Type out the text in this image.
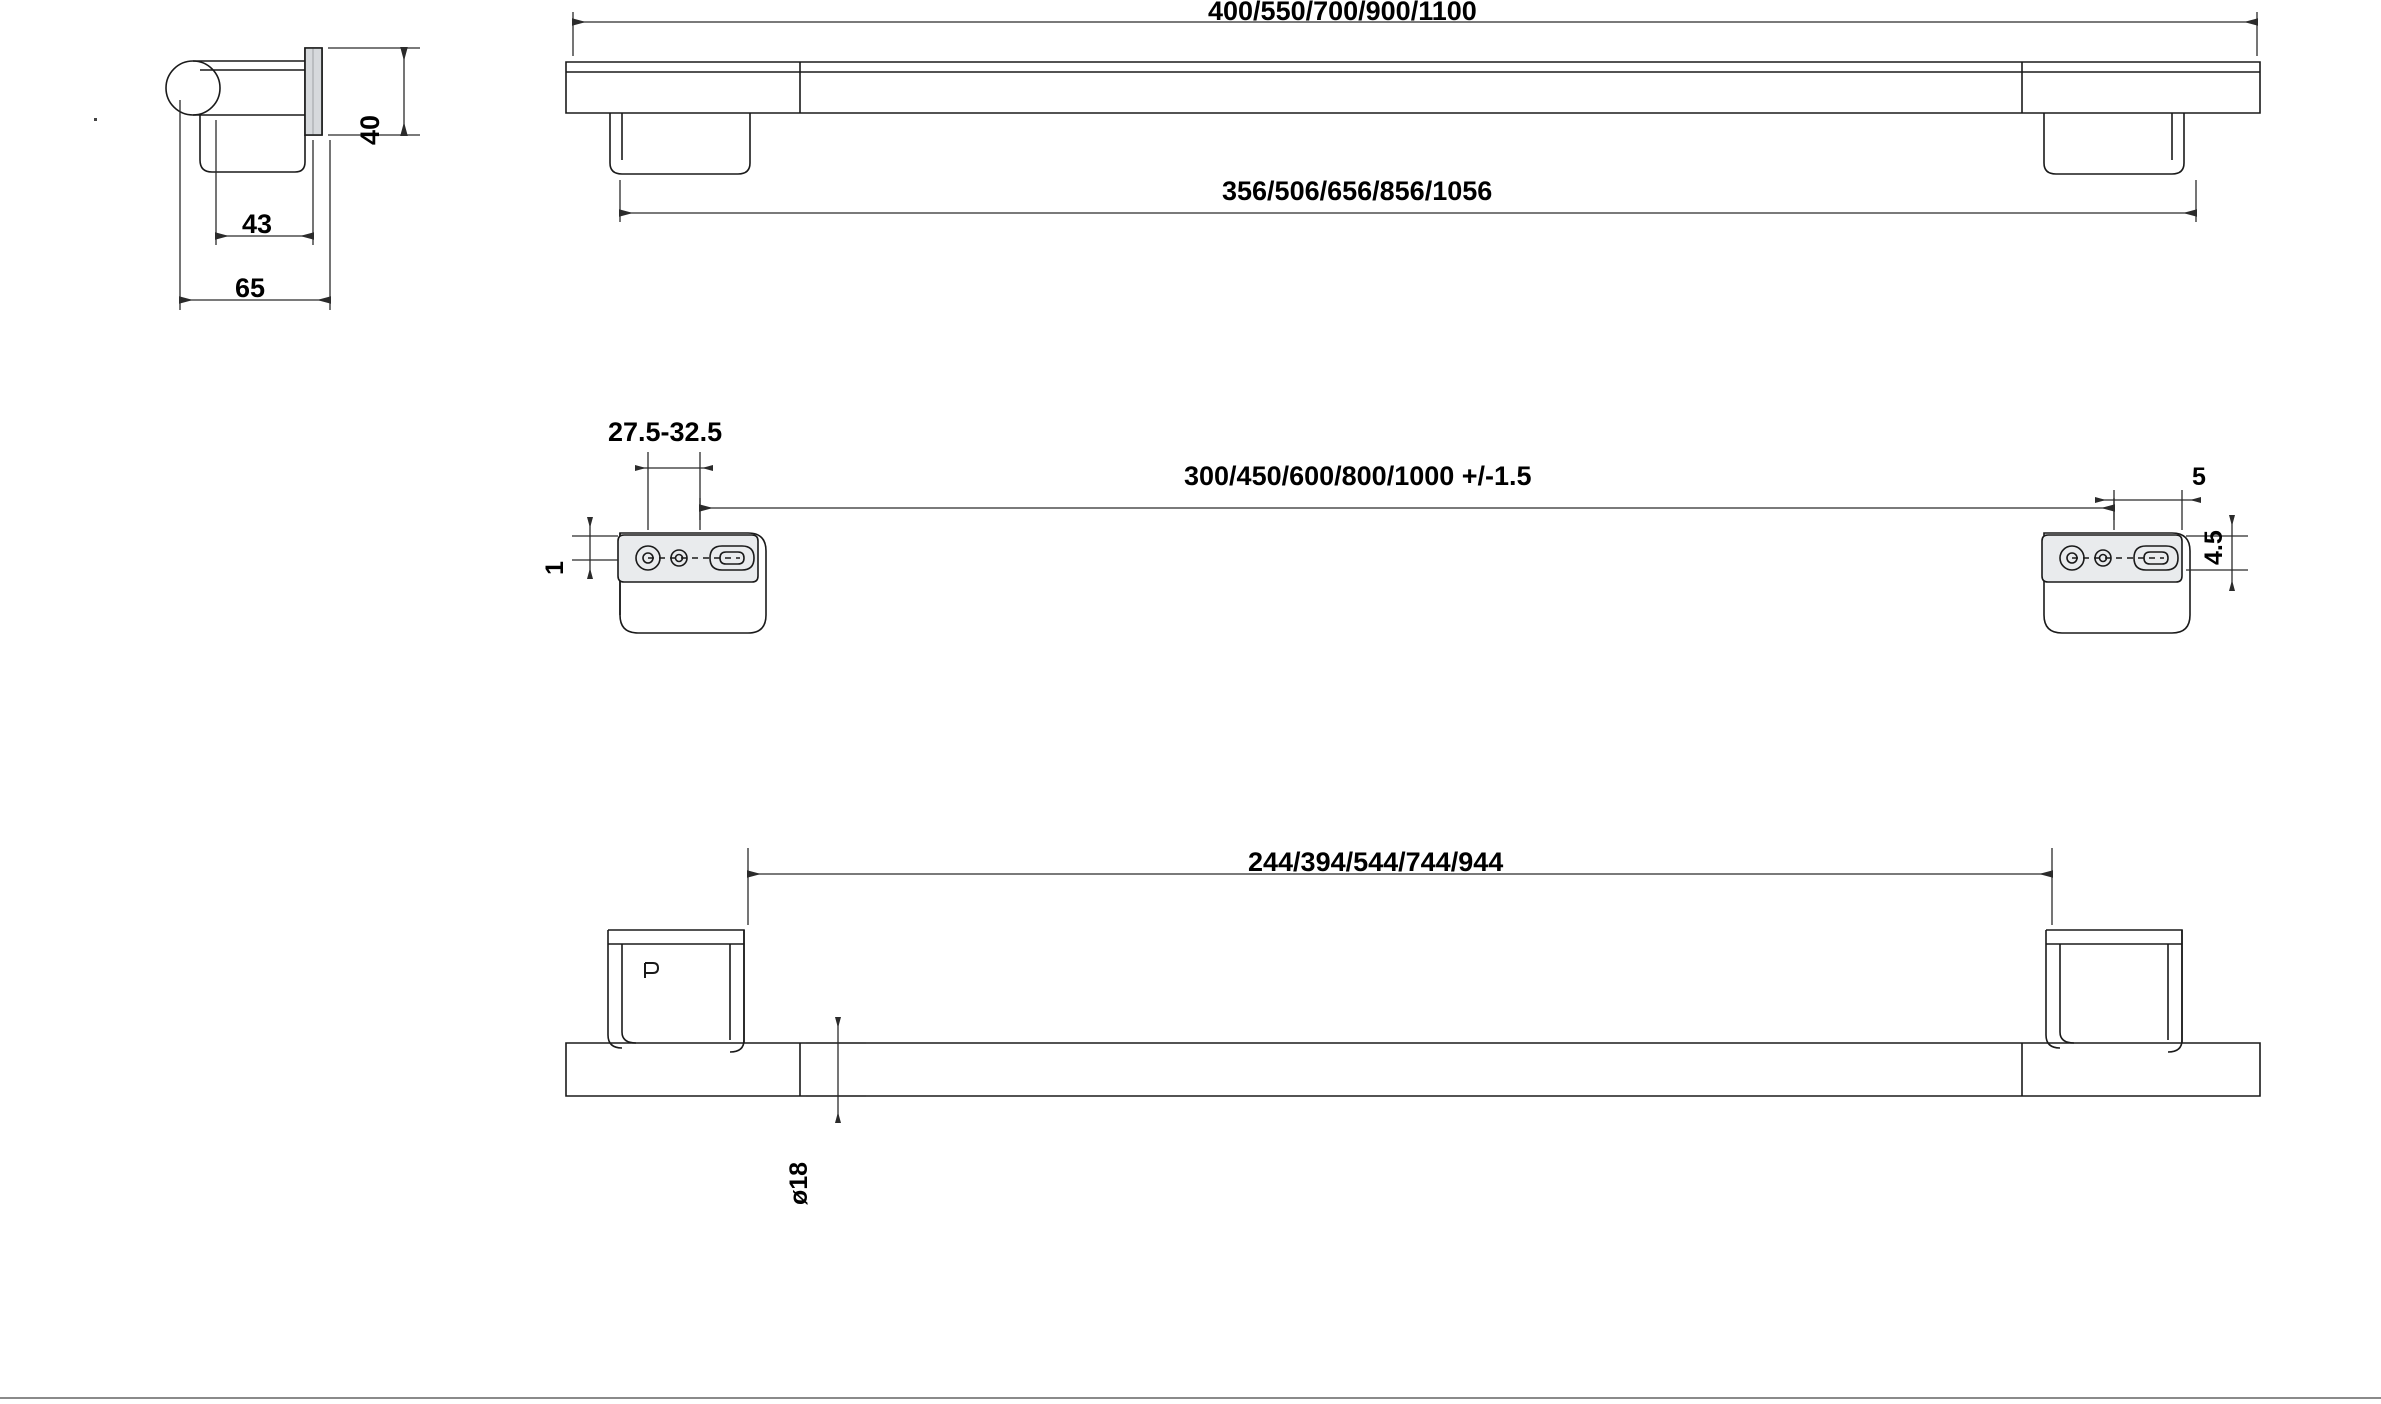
400/550/700/900/1100
356/506/656/856/1056
40
43
65
27.5-32.5
300/450/600/800/1000 +/-1.5
1
5
4.5
244/394/544/744/944
ø18
